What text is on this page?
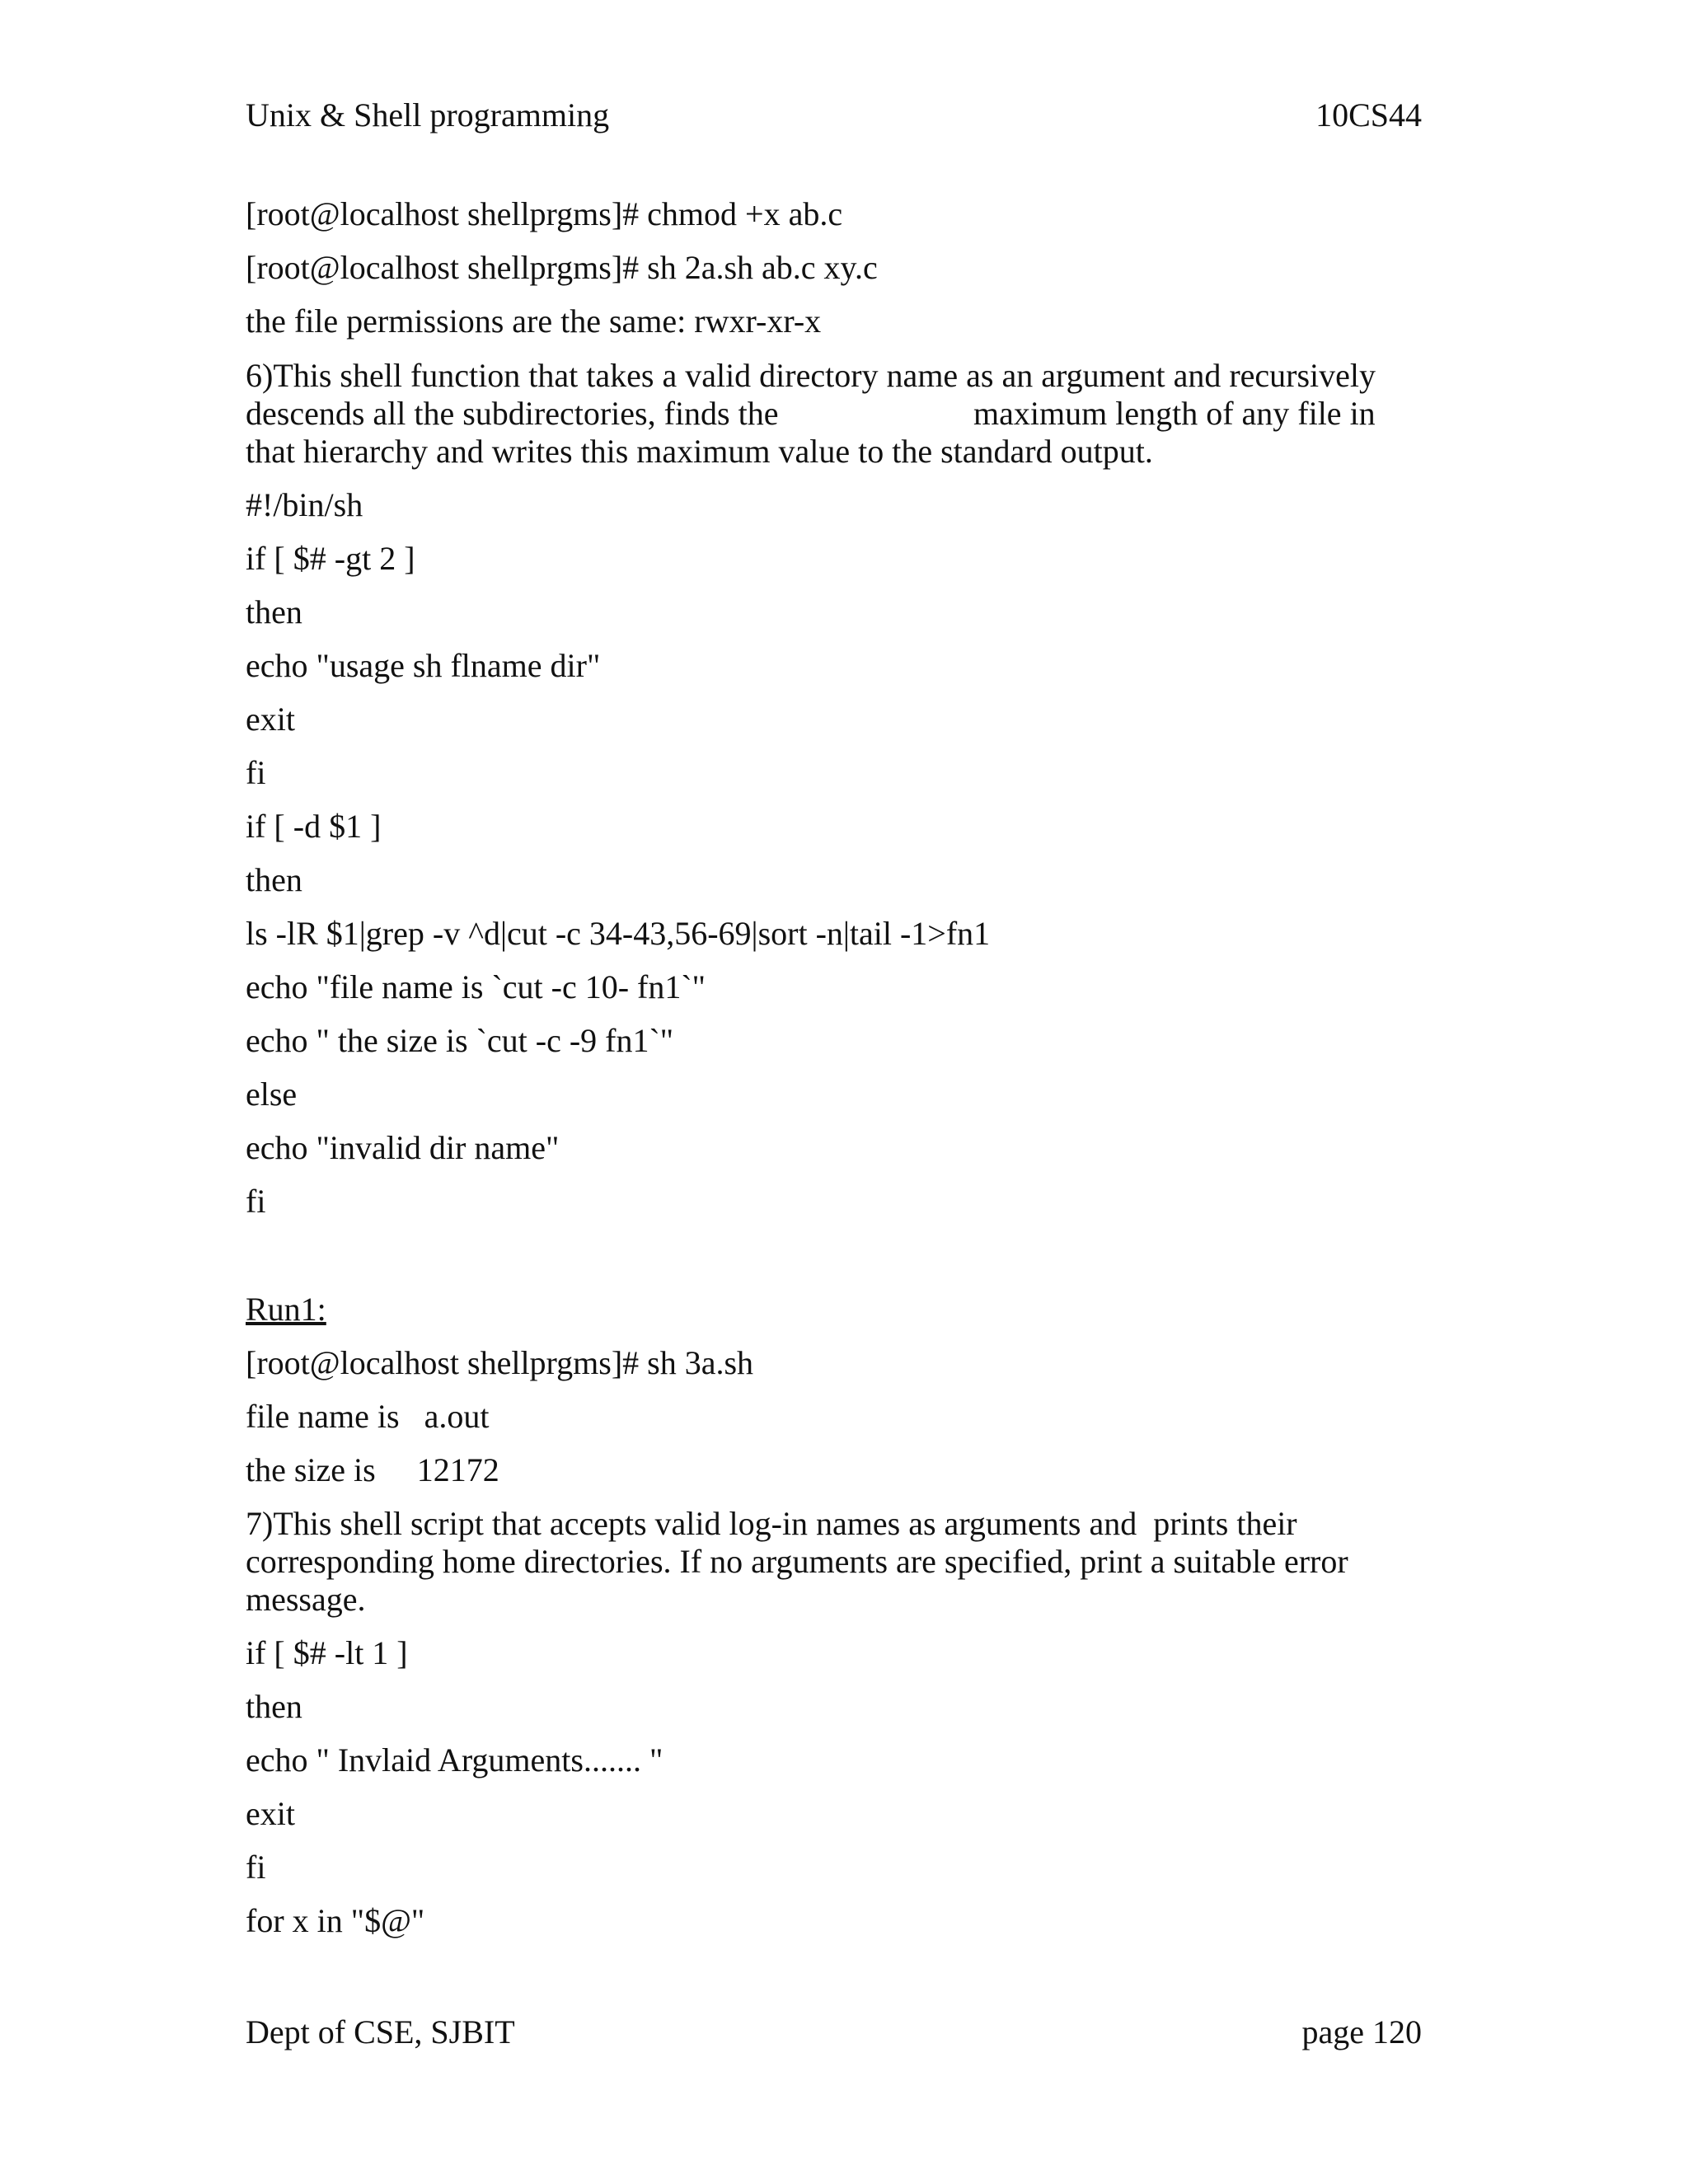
Unix & Shell programming	10CS44
[root@localhost shellprgms]# chmod +x ab.c
[root@localhost shellprgms]# sh 2a.sh ab.c xy.c
the file permissions are the same: rwxr-xr-x
6)This shell function that takes a valid directory name as an argument and recursively
descends all the subdirectories, finds the	maximum length of any file in
that hierarchy and writes this maximum value to the standard output.
#!/bin/sh
if [ $# -gt 2 ]
then
echo "usage sh flname dir"
exit
fi
if [ -d $1 ]
then
ls -lR $1|grep -v ^d|cut -c 34-43,56-69|sort -n|tail -1>fn1
echo "file name is `cut -c 10- fn1`"
echo " the size is `cut -c -9 fn1`"
else
echo "invalid dir name"
fi
Run1:
[root@localhost shellprgms]# sh 3a.sh
file name is   a.out
the size is     12172
7)This shell script that accepts valid log-in names as arguments and  prints their
corresponding home directories. If no arguments are specified, print a suitable error
message.
if [ $# -lt 1 ]
then
echo " Invlaid Arguments....... "
exit
fi
for x in "$@"
Dept of CSE, SJBIT	page 120
